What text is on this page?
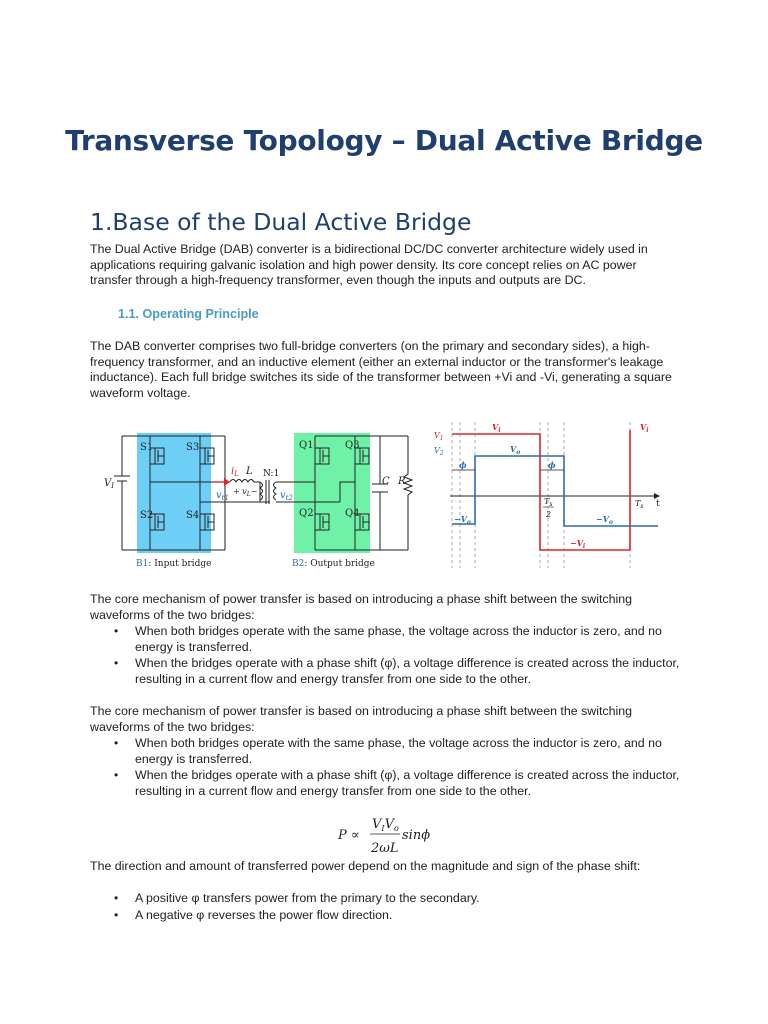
Transverse Topology – Dual Active Bridge
1.Base of the Dual Active Bridge
The Dual Active Bridge (DAB) converter is a bidirectional DC/DC converter architecture widely used in applications requiring galvanic isolation and high power density. Its core concept relies on AC power transfer through a high-frequency transformer, even though the inputs and outputs are DC.
1.1. Operating Principle
The DAB converter comprises two full-bridge converters (on the primary and secondary sides), a high-frequency transformer, and an inductive element (either an external inductor or the transformer's leakage inductance). Each full bridge switches its side of the transformer between +Vi and -Vi, generating a square waveform voltage.
S1	S3
S2	S4
Q1	Q3
Q2	Q4
$V_I$
$i_L$ L N:1
+ $v_L-$
$v_{t1}$	$v_{t2}$
C R
B1: Input bridge	B2: Output bridge
$V_1$
$V_2$
$V_i$	$V_i$
$V_o$
ϕ	ϕ
$-V_o$	$-V_o$
$-V_i$
$T_s$
2
$T_s$ t
The core mechanism of power transfer is based on introducing a phase shift between the switching waveforms of the two bridges:
• When both bridges operate with the same phase, the voltage across the inductor is zero, and no energy is transferred.
• When the bridges operate with a phase shift (φ), a voltage difference is created across the inductor, resulting in a current flow and energy transfer from one side to the other.
The core mechanism of power transfer is based on introducing a phase shift between the switching waveforms of the two bridges:
• When both bridges operate with the same phase, the voltage across the inductor is zero, and no energy is transferred.
• When the bridges operate with a phase shift (φ), a voltage difference is created across the inductor, resulting in a current flow and energy transfer from one side to the other.
P ∝
$V_IV_o$
2ωL
sinϕ
The direction and amount of transferred power depend on the magnitude and sign of the phase shift:
• A positive φ transfers power from the primary to the secondary.
• A negative φ reverses the power flow direction.
